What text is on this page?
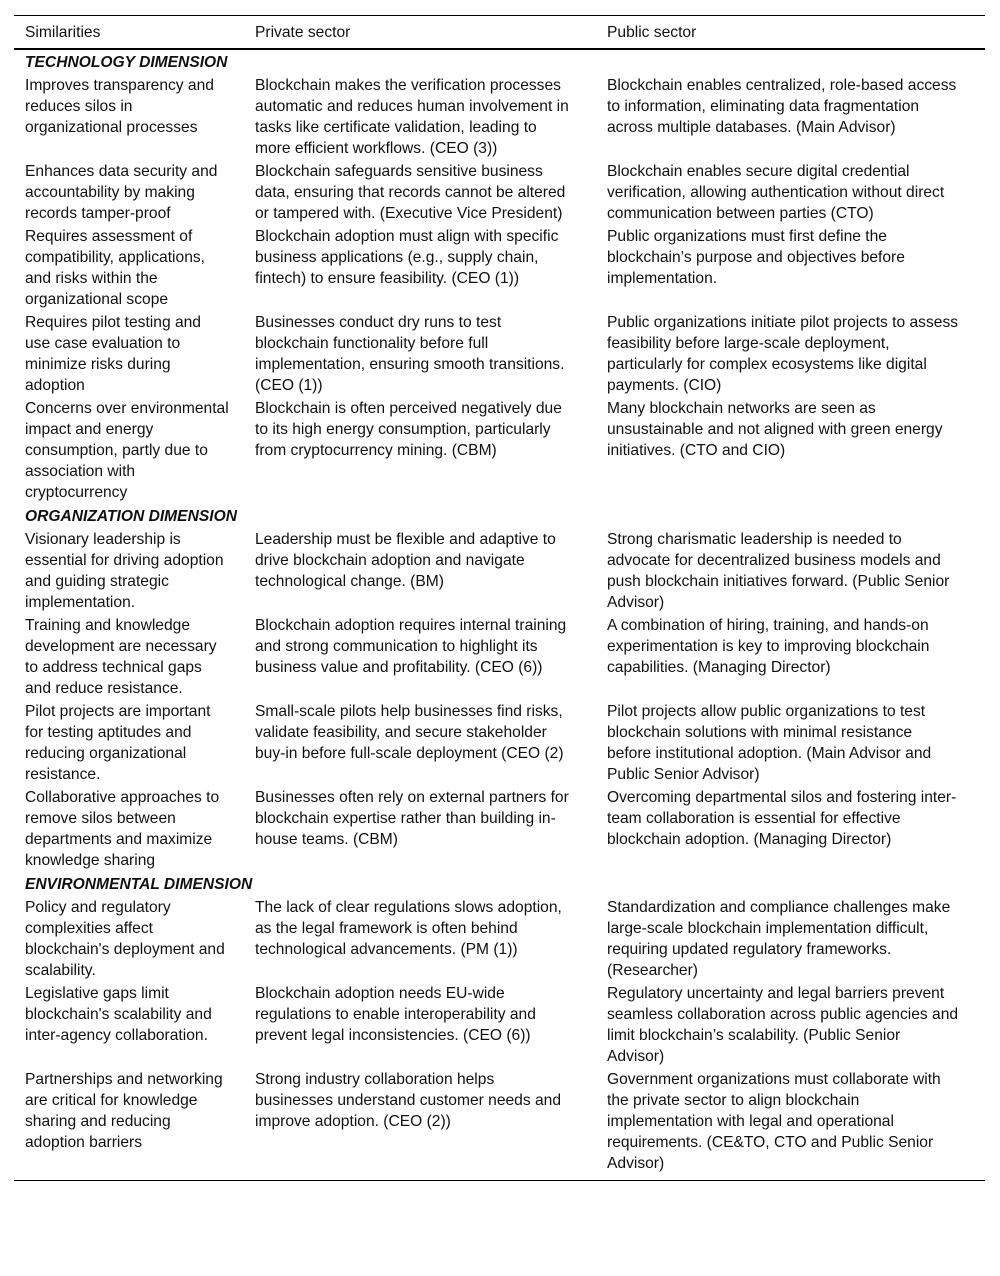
Similarities	Private sector	Public sector
TECHNOLOGY DIMENSION		
Improves transparency and reduces silos in organizational processes	Blockchain makes the verification processes automatic and reduces human involvement in tasks like certificate validation, leading to more efficient workflows. (CEO (3))	Blockchain enables centralized, role-based access to information, eliminating data fragmentation across multiple databases. (Main Advisor)
Enhances data security and accountability by making records tamper-proof	Blockchain safeguards sensitive business data, ensuring that records cannot be altered or tampered with. (Executive Vice President)	Blockchain enables secure digital credential verification, allowing authentication without direct communication between parties (CTO)
Requires assessment of compatibility, applications, and risks within the organizational scope	Blockchain adoption must align with specific business applications (e.g., supply chain, fintech) to ensure feasibility. (CEO (1))	Public organizations must first define the blockchain’s purpose and objectives before implementation.
Requires pilot testing and use case evaluation to minimize risks during adoption	Businesses conduct dry runs to test blockchain functionality before full implementation, ensuring smooth transitions. (CEO (1))	Public organizations initiate pilot projects to assess feasibility before large-scale deployment, particularly for complex ecosystems like digital payments. (CIO)
Concerns over environmental impact and energy consumption, partly due to association with cryptocurrency	Blockchain is often perceived negatively due to its high energy consumption, particularly from cryptocurrency mining. (CBM)	Many blockchain networks are seen as unsustainable and not aligned with green energy initiatives. (CTO and CIO)
ORGANIZATION DIMENSION		
Visionary leadership is essential for driving adoption and guiding strategic implementation.	Leadership must be flexible and adaptive to drive blockchain adoption and navigate technological change. (BM)	Strong charismatic leadership is needed to advocate for decentralized business models and push blockchain initiatives forward. (Public Senior Advisor)
Training and knowledge development are necessary to address technical gaps and reduce resistance.	Blockchain adoption requires internal training and strong communication to highlight its business value and profitability. (CEO (6))	A combination of hiring, training, and hands-on experimentation is key to improving blockchain capabilities. (Managing Director)
Pilot projects are important for testing aptitudes and reducing organizational resistance.	Small-scale pilots help businesses find risks, validate feasibility, and secure stakeholder buy-in before full-scale deployment (CEO (2)	Pilot projects allow public organizations to test blockchain solutions with minimal resistance before institutional adoption. (Main Advisor and Public Senior Advisor)
Collaborative approaches to remove silos between departments and maximize knowledge sharing	Businesses often rely on external partners for blockchain expertise rather than building in-house teams. (CBM)	Overcoming departmental silos and fostering inter-team collaboration is essential for effective blockchain adoption. (Managing Director)
ENVIRONMENTAL DIMENSION		
Policy and regulatory complexities affect blockchain's deployment and scalability.	The lack of clear regulations slows adoption, as the legal framework is often behind technological advancements. (PM (1))	Standardization and compliance challenges make large-scale blockchain implementation difficult, requiring updated regulatory frameworks. (Researcher)
Legislative gaps limit blockchain's scalability and inter-agency collaboration.	Blockchain adoption needs EU-wide regulations to enable interoperability and prevent legal inconsistencies. (CEO (6))	Regulatory uncertainty and legal barriers prevent seamless collaboration across public agencies and limit blockchain’s scalability. (Public Senior Advisor)
Partnerships and networking are critical for knowledge sharing and reducing adoption barriers	Strong industry collaboration helps businesses understand customer needs and improve adoption. (CEO (2))	Government organizations must collaborate with the private sector to align blockchain implementation with legal and operational requirements. (CE&TO, CTO and Public Senior Advisor)
